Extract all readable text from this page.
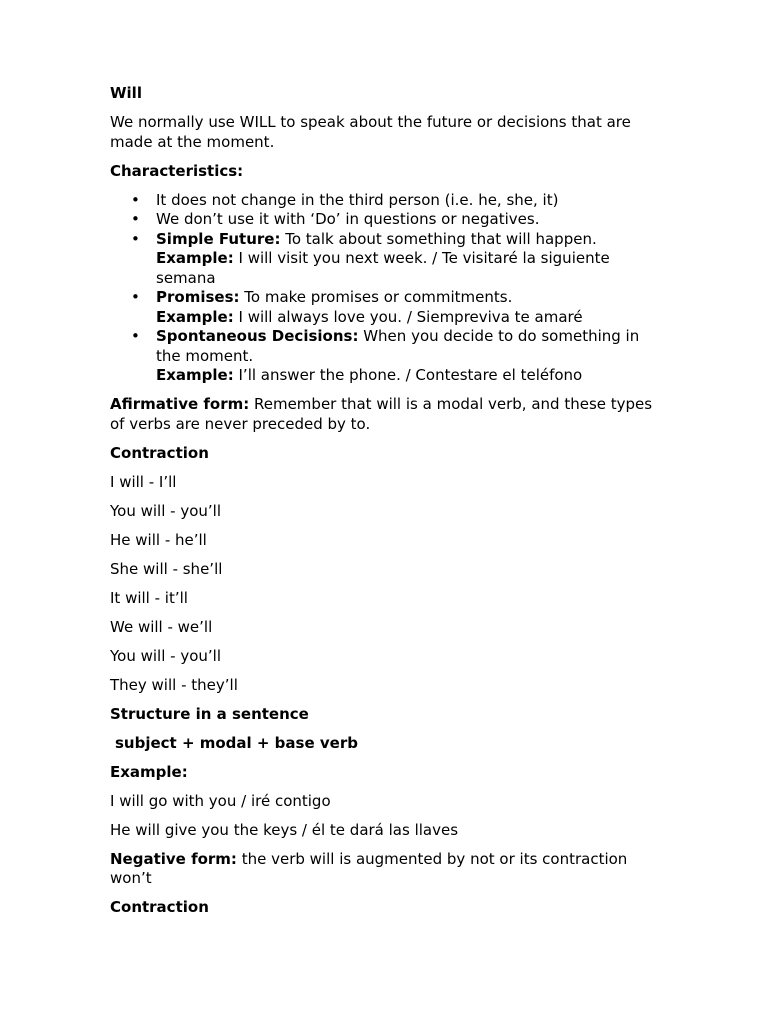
Will

We normally use WILL to speak about the future or decisions that are made at the moment.

Characteristics:

• It does not change in the third person (i.e. he, she, it)
• We don’t use it with ‘Do’ in questions or negatives.
• Simple Future: To talk about something that will happen.
Example: I will visit you next week. / Te visitaré la siguiente semana
• Promises: To make promises or commitments.
Example: I will always love you. / Siempreviva te amaré
• Spontaneous Decisions: When you decide to do something in the moment.
Example: I’ll answer the phone. / Contestare el teléfono

Afirmative form: Remember that will is a modal verb, and these types of verbs are never preceded by to.

Contraction

I will - I’ll

You will - you’ll

He will - he’ll

She will - she’ll

It will - it’ll

We will - we’ll

You will - you’ll

They will - they’ll

Structure in a sentence

subject + modal + base verb

Example:

I will go with you / iré contigo

He will give you the keys / él te dará las llaves

Negative form: the verb will is augmented by not or its contraction won’t

Contraction
